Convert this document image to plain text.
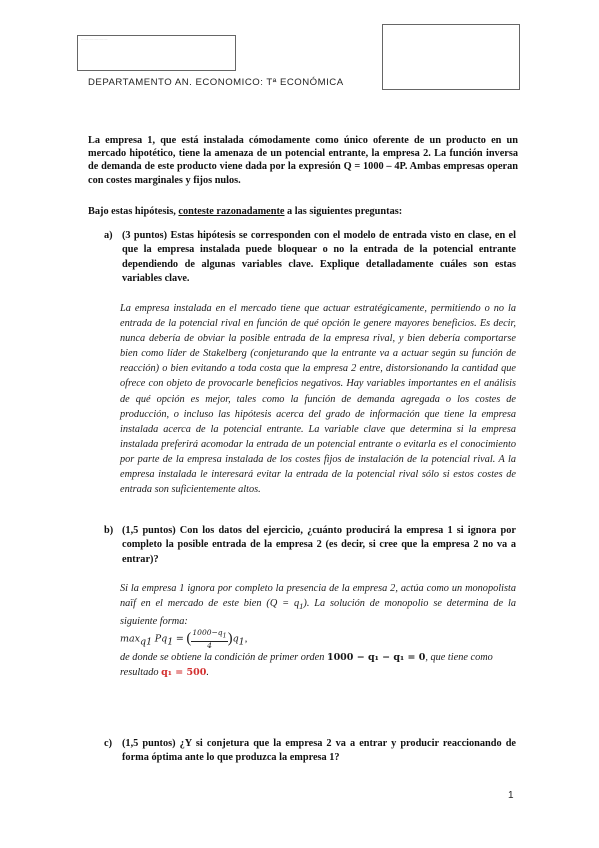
................................................
DEPARTAMENTO AN. ECONOMICO: Tª ECONÓMICA
La empresa 1, que está instalada cómodamente como único oferente de un producto en un mercado hipotético, tiene la amenaza de un potencial entrante, la empresa 2. La función inversa de demanda de este producto viene dada por la expresión Q = 1000 – 4P. Ambas empresas operan con costes marginales y fijos nulos.
Bajo estas hipótesis, conteste razonadamente a las siguientes preguntas:
a) (3 puntos) Estas hipótesis se corresponden con el modelo de entrada visto en clase, en el que la empresa instalada puede bloquear o no la entrada de la potencial entrante dependiendo de algunas variables clave. Explique detalladamente cuáles son estas variables clave.
La empresa instalada en el mercado tiene que actuar estratégicamente, permitiendo o no la entrada de la potencial rival en función de qué opción le genere mayores beneficios. Es decir, nunca debería de obviar la posible entrada de la empresa rival, y bien debería comportarse bien como líder de Stakelberg (conjeturando que la entrante va a actuar según su función de reacción) o bien evitando a toda costa que la empresa 2 entre, distorsionando la cantidad que ofrece con objeto de provocarle beneficios negativos. Hay variables importantes en el análisis de qué opción es mejor, tales como la función de demanda agregada o los costes de producción, o incluso las hipótesis acerca del grado de información que tiene la empresa instalada acerca de la potencial entrante. La variable clave que determina si la empresa instalada preferirá acomodar la entrada de un potencial entrante o evitarla es el conocimiento por parte de la empresa instalada de los costes fijos de instalación de la potencial rival. A la empresa instalada le interesará evitar la entrada de la potencial rival sólo si estos costes de entrada son suficientemente altos.
b) (1,5 puntos) Con los datos del ejercicio, ¿cuánto producirá la empresa 1 si ignora por completo la posible entrada de la empresa 2 (es decir, si cree que la empresa 2 no va a entrar)?
Si la empresa 1 ignora por completo la presencia de la empresa 2, actúa como un monopolista naïf en el mercado de este bien $(Q = q_1)$. La solución de monopolio se determina de la siguiente forma:
$\max_{q1} Pq_1$ = ( $\frac{1000-q_1}{4} )q_1$,
de donde se obtiene la condición de primer orden 1000 − q₁ − q₁ = 0, que tiene como
resultado q₁ = 500.
c) (1,5 puntos) ¿Y si conjetura que la empresa 2 va a entrar y producir reaccionando de forma óptima ante lo que produzca la empresa 1?
1
